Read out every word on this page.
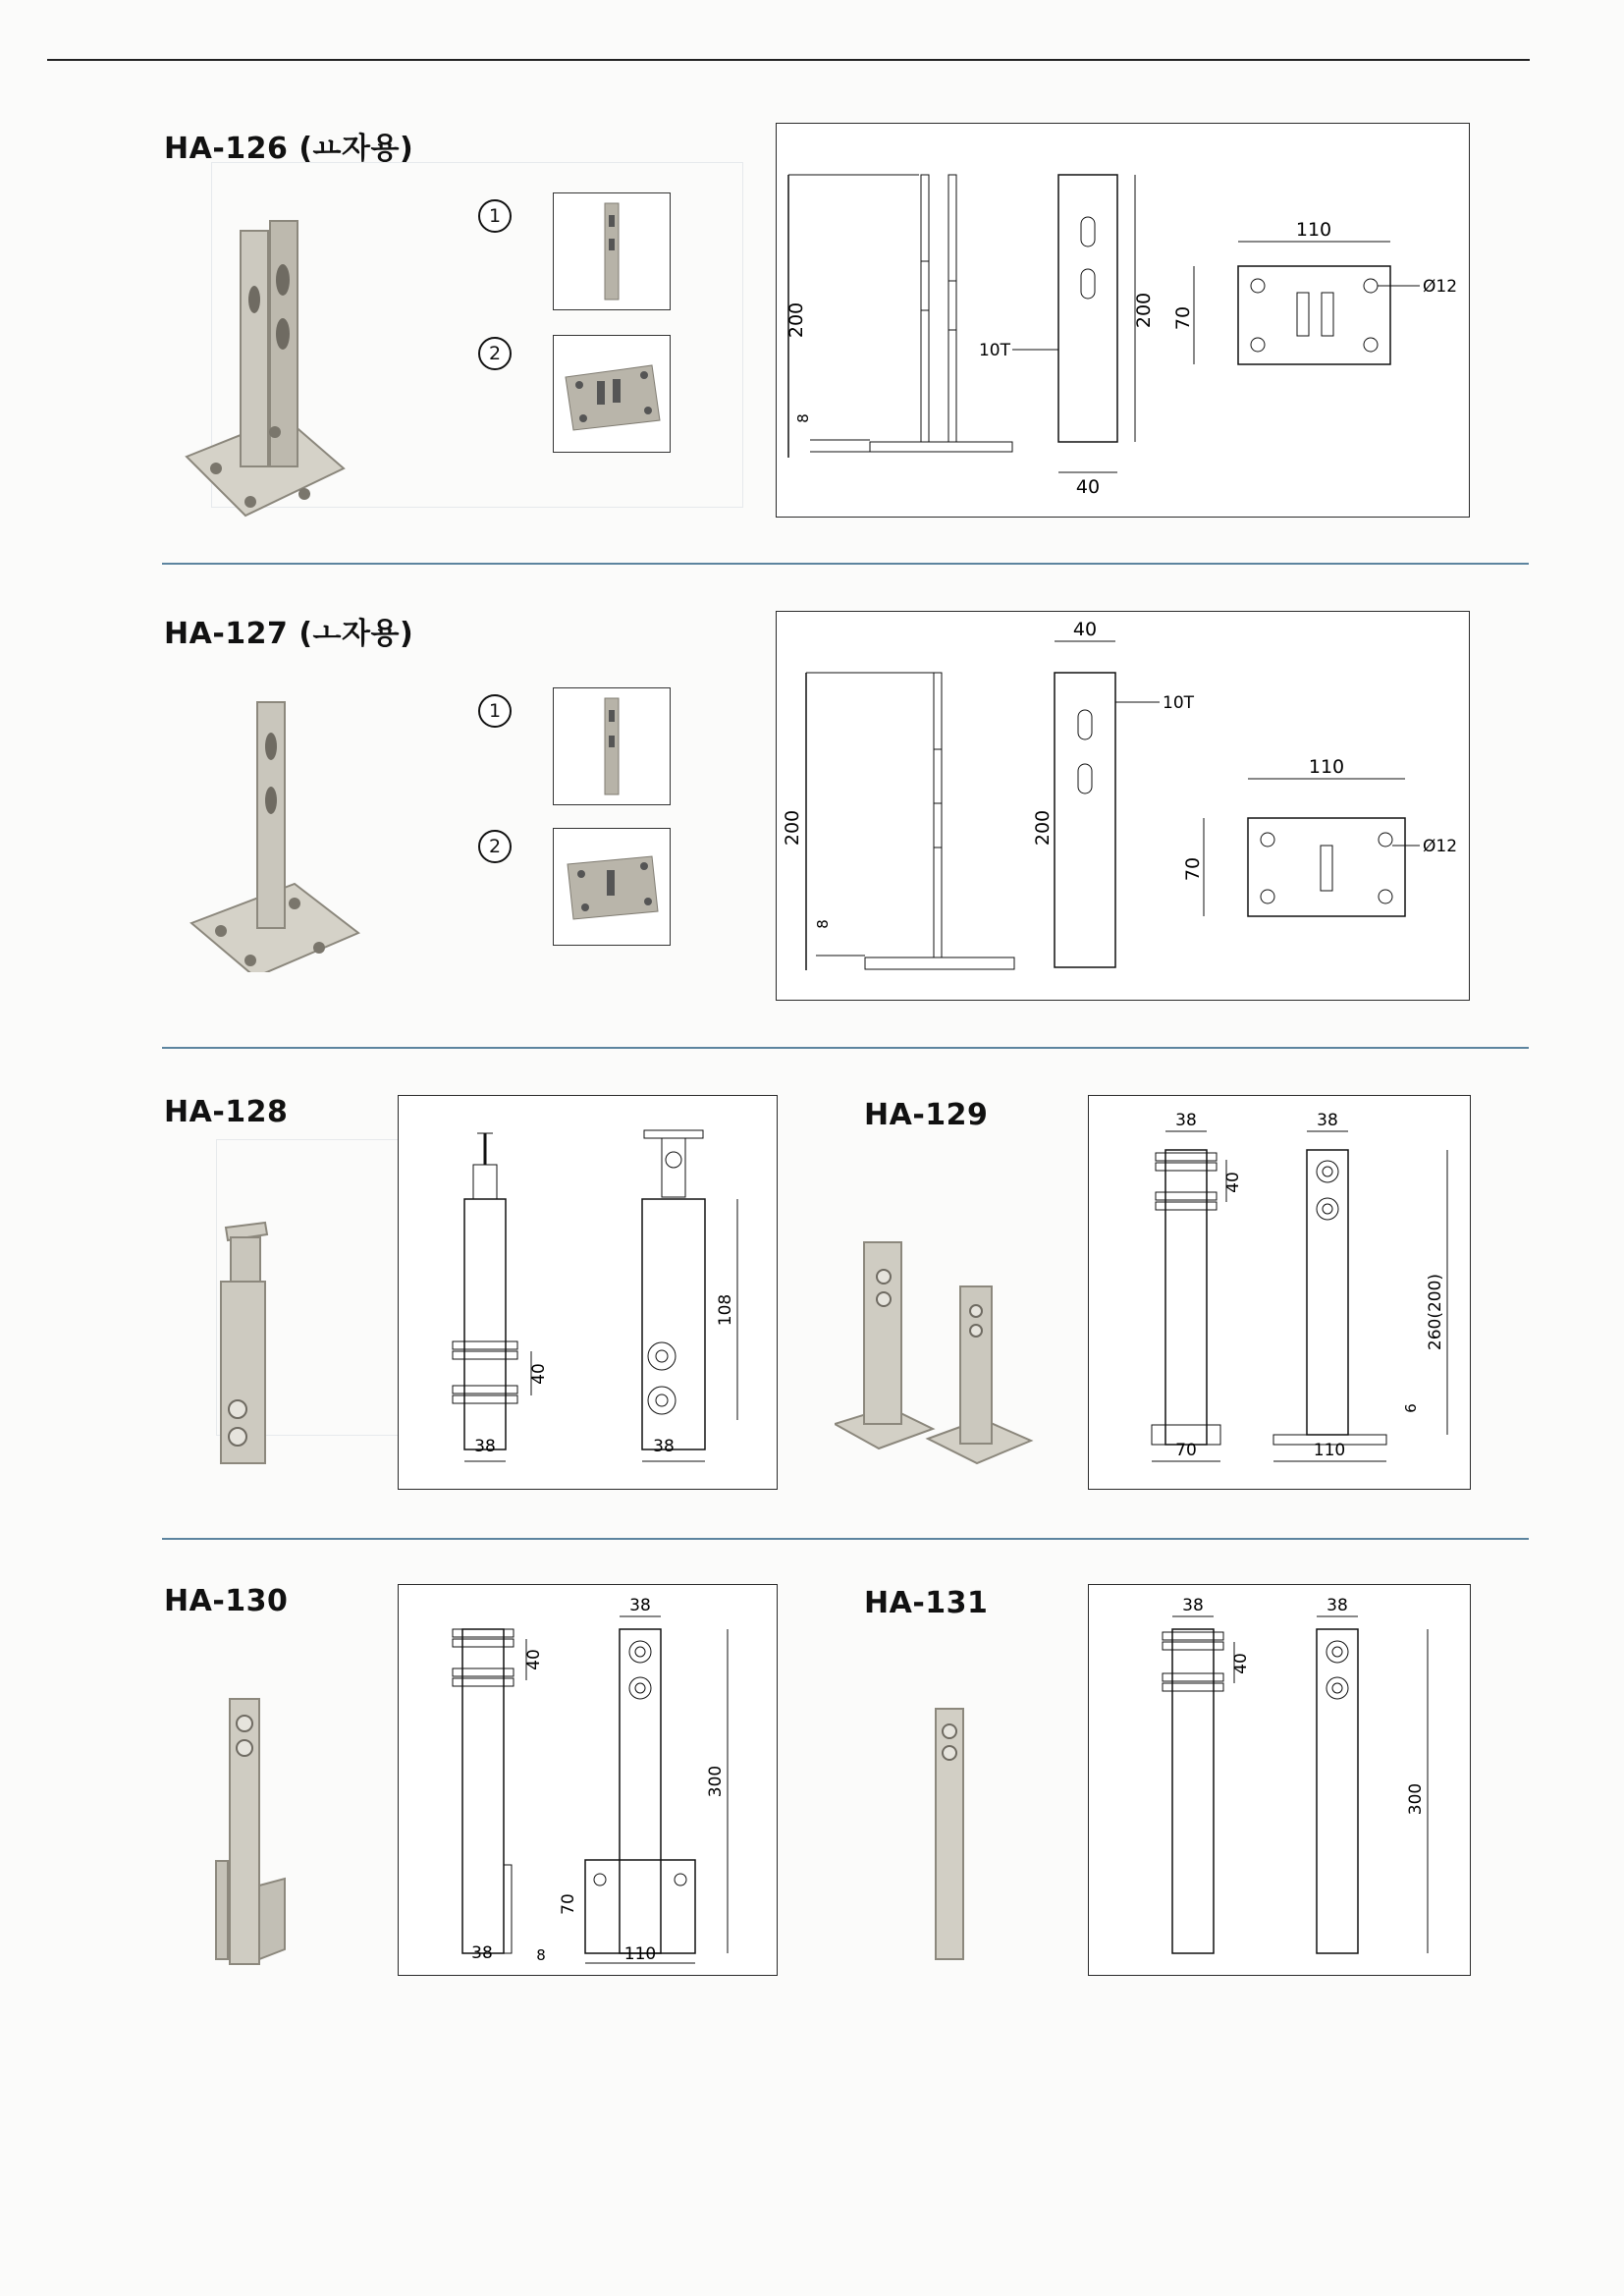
HA-126 (ㅛ자용)
1
2
200
8
10T
200
40
110
70
Ø12
HA-127 (ㅗ자용)
1
2
200
8
40
10T
200
110
70
Ø12
HA-128
40
38
108
38
HA-129	38
40
70
38
110
260(200)
6
HA-130
40
38	8
38
300
70
110
HA-131	38
40
38
300
